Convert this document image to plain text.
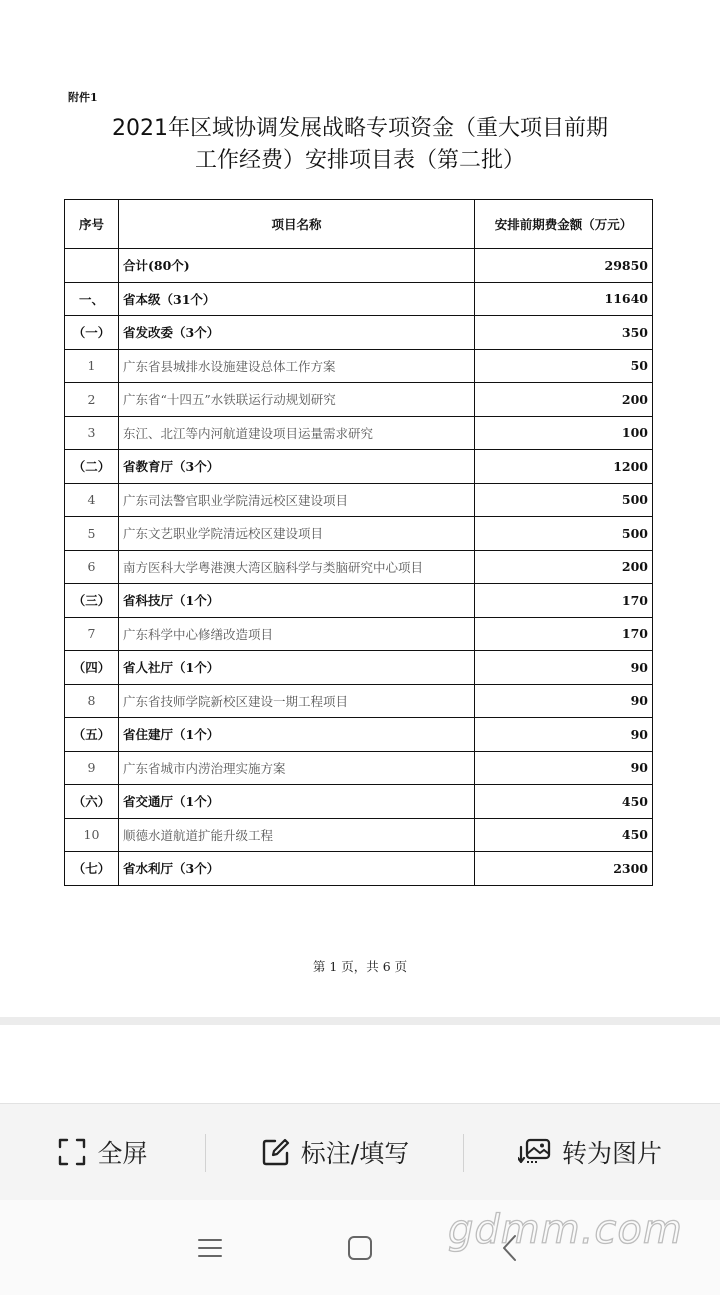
附件1
2021年区域协调发展战略专项资金（重大项目前期
工作经费）安排项目表（第二批）
序号	项目名称	安排前期费金额（万元）
	合计(80个)	29850
一、	省本级（31个）	11640
（一）	省发改委（3个）	350
1	广东省县城排水设施建设总体工作方案	50
2	广东省“十四五”水铁联运行动规划研究	200
3	东江、北江等内河航道建设项目运量需求研究	100
（二）	省教育厅（3个）	1200
4	广东司法警官职业学院清远校区建设项目	500
5	广东文艺职业学院清远校区建设项目	500
6	南方医科大学粤港澳大湾区脑科学与类脑研究中心项目	200
（三）	省科技厅（1个）	170
7	广东科学中心修缮改造项目	170
（四）	省人社厅（1个）	90
8	广东省技师学院新校区建设一期工程项目	90
（五）	省住建厅（1个）	90
9	广东省城市内涝治理实施方案	90
（六）	省交通厅（1个）	450
10	顺德水道航道扩能升级工程	450
（七）	省水利厅（3个）	2300
第 1 页，共 6 页
全屏	标注/填写	转为图片
gdmm.com
